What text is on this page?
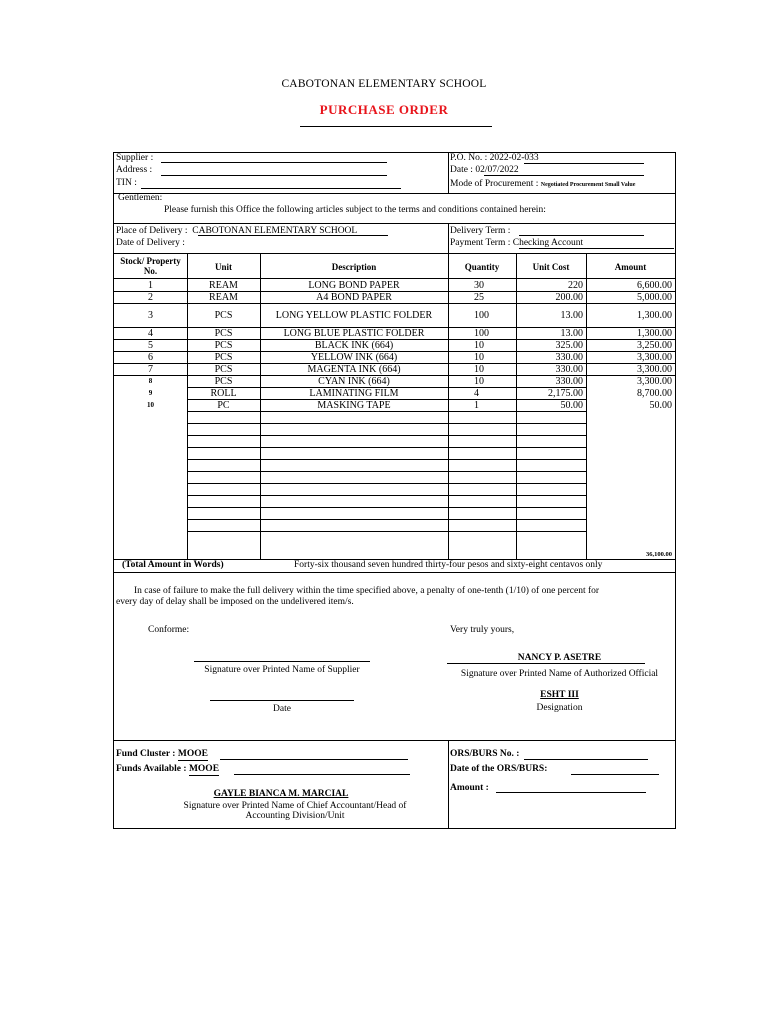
CABOTONAN ELEMENTARY SCHOOL
PURCHASE ORDER
Supplier :
Address :
TIN :
P.O. No. : 2022-02-033
Date : 02/07/2022
Mode of Procurement : Negotiated Procurement Small Value
Gentlemen:
Please furnish this Office the following articles subject to the terms and conditions contained herein:
Place of Delivery : CABOTONAN ELEMENTARY SCHOOL
Date of Delivery :
Delivery Term :
Payment Term : Checking Account
Stock/ Property No.	Unit	Description	Quantity	Unit Cost	Amount
1	REAM	LONG BOND PAPER	30	220	6,600.00
2	REAM	A4 BOND PAPER	25	200.00	5,000.00
3	PCS	LONG YELLOW PLASTIC FOLDER	100	13.00	1,300.00
4	PCS	LONG BLUE PLASTIC FOLDER	100	13.00	1,300.00
5	PCS	BLACK INK (664)	10	325.00	3,250.00
6	PCS	YELLOW INK (664)	10	330.00	3,300.00
7	PCS	MAGENTA INK (664)	10	330.00	3,300.00
8	PCS	CYAN INK (664)	10	330.00	3,300.00
9	ROLL	LAMINATING FILM	4	2,175.00	8,700.00
10	PC	MASKING TAPE	1	50.00	50.00
36,100.00
(Total Amount in Words)	Forty-six thousand seven hundred thirty-four pesos and sixty-eight centavos only
In case of failure to make the full delivery within the time specified above, a penalty of one-tenth (1/10) of one percent for
every day of delay shall be imposed on the undelivered item/s.
Conforme:	Very truly yours,
Signature over Printed Name of Supplier
NANCY P. ASETRE
Signature over Printed Name of Authorized Official
ESHT III
Designation
Date
Fund Cluster : MOOE
Funds Available : MOOE
ORS/BURS No. :
Date of the ORS/BURS:
Amount :
GAYLE BIANCA M. MARCIAL
Signature over Printed Name of Chief Accountant/Head of
Accounting Division/Unit
